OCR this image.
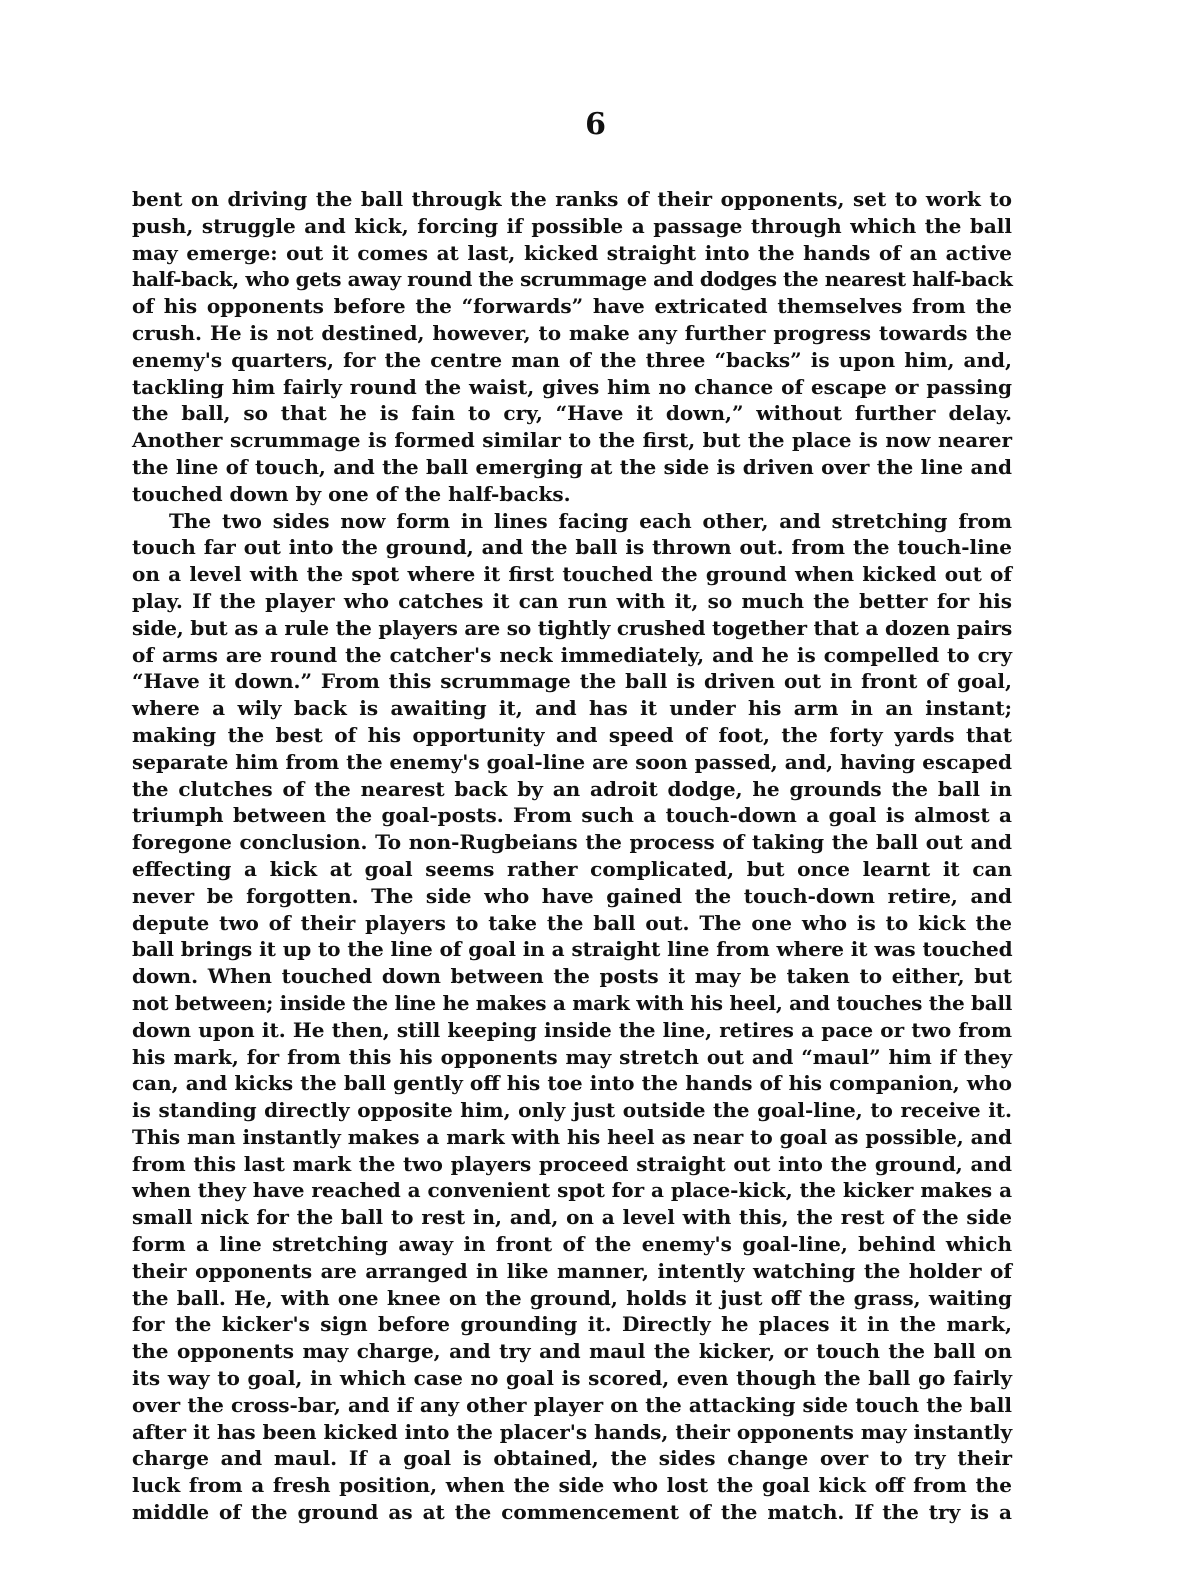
6
bent on driving the ball througk the ranks of their opponents, set to work to
push, struggle and kick, forcing if possible a passage through which the ball
may emerge: out it comes at last, kicked straight into the hands of an active
half-back, who gets away round the scrummage and dodges the nearest half-back
of his opponents before the “forwards” have extricated themselves from the
crush. He is not destined, however, to make any further progress towards the
enemy's quarters, for the centre man of the three “backs” is upon him, and,
tackling him fairly round the waist, gives him no chance of escape or passing
the ball, so that he is fain to cry, “Have it down,” without further delay.
Another scrummage is formed similar to the first, but the place is now nearer
the line of touch, and the ball emerging at the side is driven over the line and
touched down by one of the half-backs.
The two sides now form in lines facing each other, and stretching from
touch far out into the ground, and the ball is thrown out. from the touch-line
on a level with the spot where it first touched the ground when kicked out of
play. If the player who catches it can run with it, so much the better for his
side, but as a rule the players are so tightly crushed together that a dozen pairs
of arms are round the catcher's neck immediately, and he is compelled to cry
“Have it down.” From this scrummage the ball is driven out in front of goal,
where a wily back is awaiting it, and has it under his arm in an instant;
making the best of his opportunity and speed of foot, the forty yards that
separate him from the enemy's goal-line are soon passed, and, having escaped
the clutches of the nearest back by an adroit dodge, he grounds the ball in
triumph between the goal-posts. From such a touch-down a goal is almost a
foregone conclusion. To non-Rugbeians the process of taking the ball out and
effecting a kick at goal seems rather complicated, but once learnt it can
never be forgotten. The side who have gained the touch-down retire, and
depute two of their players to take the ball out. The one who is to kick the
ball brings it up to the line of goal in a straight line from where it was touched
down. When touched down between the posts it may be taken to either, but
not between; inside the line he makes a mark with his heel, and touches the ball
down upon it. He then, still keeping inside the line, retires a pace or two from
his mark, for from this his opponents may stretch out and “maul” him if they
can, and kicks the ball gently off his toe into the hands of his companion, who
is standing directly opposite him, only just outside the goal-line, to receive it.
This man instantly makes a mark with his heel as near to goal as possible, and
from this last mark the two players proceed straight out into the ground, and
when they have reached a convenient spot for a place-kick, the kicker makes a
small nick for the ball to rest in, and, on a level with this, the rest of the side
form a line stretching away in front of the enemy's goal-line, behind which
their opponents are arranged in like manner, intently watching the holder of
the ball. He, with one knee on the ground, holds it just off the grass, waiting
for the kicker's sign before grounding it. Directly he places it in the mark,
the opponents may charge, and try and maul the kicker, or touch the ball on
its way to goal, in which case no goal is scored, even though the ball go fairly
over the cross-bar, and if any other player on the attacking side touch the ball
after it has been kicked into the placer's hands, their opponents may instantly
charge and maul. If a goal is obtained, the sides change over to try their
luck from a fresh position, when the side who lost the goal kick off from the
middle of the ground as at the commencement of the match. If the try is a
